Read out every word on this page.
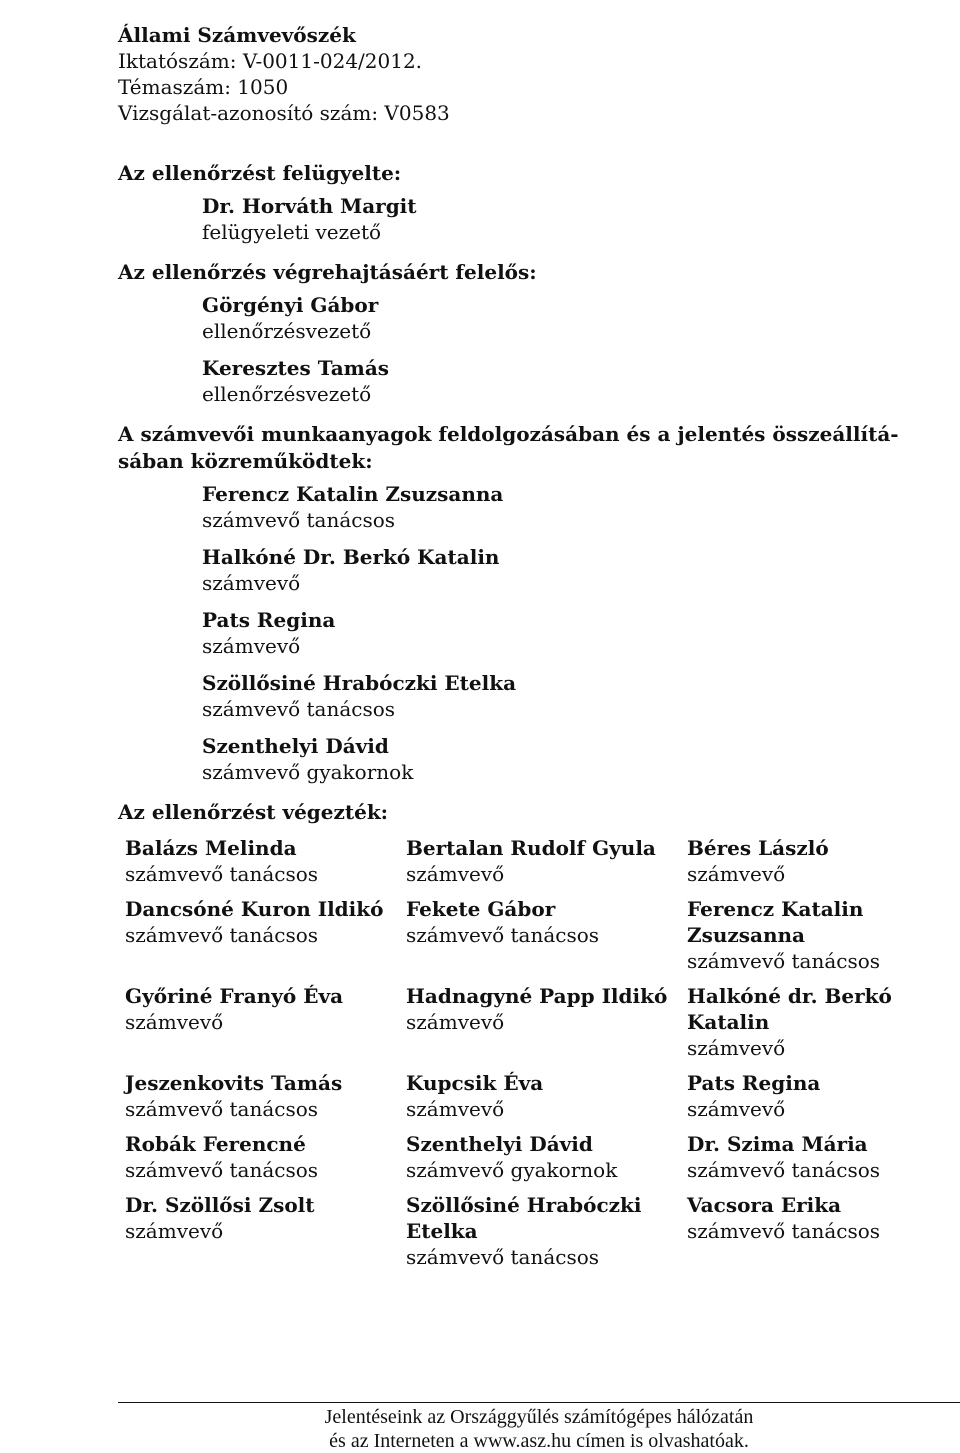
Állami Számvevőszék
Iktatószám: V-0011-024/2012.
Témaszám: 1050
Vizsgálat-azonosító szám: V0583
Az ellenőrzést felügyelte:
Dr. Horváth Margit
felügyeleti vezető
Az ellenőrzés végrehajtásáért felelős:
Görgényi Gábor
ellenőrzésvezető
Keresztes Tamás
ellenőrzésvezető
A számvevői munkaanyagok feldolgozásában és a jelentés összeállítá-
sában közreműködtek:
Ferencz Katalin Zsuzsanna
számvevő tanácsos
Halkóné Dr. Berkó Katalin
számvevő
Pats Regina
számvevő
Szöllősiné Hrabóczki Etelka
számvevő tanácsos
Szenthelyi Dávid
számvevő gyakornok
Az ellenőrzést végezték:
Balázs Melinda
számvevő tanácsos
Bertalan Rudolf Gyula
számvevő
Béres László
számvevő
Dancsóné Kuron Ildikó
számvevő tanácsos
Fekete Gábor
számvevő tanácsos
Ferencz Katalin Zsuzsanna
számvevő tanácsos
Győriné Franyó Éva
számvevő
Hadnagyné Papp Ildikó
számvevő
Halkóné dr. Berkó Katalin
számvevő
Jeszenkovits Tamás
számvevő tanácsos
Kupcsik Éva
számvevő
Pats Regina
számvevő
Robák Ferencné
számvevő tanácsos
Szenthelyi Dávid
számvevő gyakornok
Dr. Szima Mária
számvevő tanácsos
Dr. Szöllősi Zsolt
számvevő
Szöllősiné Hrabóczki Etelka
számvevő tanácsos
Vacsora Erika
számvevő tanácsos
Jelentéseink az Országgyűlés számítógépes hálózatán
és az Interneten a www.asz.hu címen is olvashatóak.
